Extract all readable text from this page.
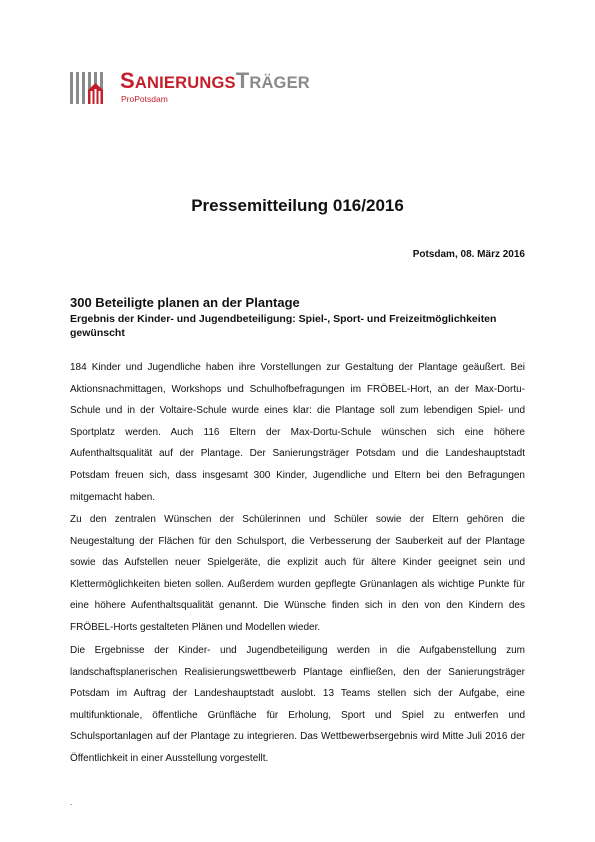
SANIERUNGSTRÄGER
ProPotsdam
Pressemitteilung 016/2016

Potsdam, 08. März 2016

300 Beteiligte planen an der Plantage
Ergebnis der Kinder- und Jugendbeteiligung: Spiel-, Sport- und Freizeitmöglichkeiten gewünscht

184 Kinder und Jugendliche haben ihre Vorstellungen zur Gestaltung der Plantage geäußert. Bei Aktionsnachmittagen, Workshops und Schulhofbefragungen im FRÖBEL-Hort, an der Max-Dortu-Schule und in der Voltaire-Schule wurde eines klar: die Plantage soll zum lebendigen Spiel- und Sportplatz werden. Auch 116 Eltern der Max-Dortu-Schule wünschen sich eine höhere Aufenthaltsqualität auf der Plantage. Der Sanierungsträger Potsdam und die Landeshauptstadt Potsdam freuen sich, dass insgesamt 300 Kinder, Jugendliche und Eltern bei den Befragungen mitgemacht haben.

Zu den zentralen Wünschen der Schülerinnen und Schüler sowie der Eltern gehören die Neugestaltung der Flächen für den Schulsport, die Verbesserung der Sauberkeit auf der Plantage sowie das Aufstellen neuer Spielgeräte, die explizit auch für ältere Kinder geeignet sein und Klettermöglichkeiten bieten sollen. Außerdem wurden gepflegte Grünanlagen als wichtige Punkte für eine höhere Aufenthaltsqualität genannt. Die Wünsche finden sich in den von den Kindern des FRÖBEL-Horts gestalteten Plänen und Modellen wieder.

Die Ergebnisse der Kinder- und Jugendbeteiligung werden in die Aufgabenstellung zum landschaftsplanerischen Realisierungswettbewerb Plantage einfließen, den der Sanierungsträger Potsdam im Auftrag der Landeshauptstadt auslobt. 13 Teams stellen sich der Aufgabe, eine multifunktionale, öffentliche Grünfläche für Erholung, Sport und Spiel zu entwerfen und Schulsportanlagen auf der Plantage zu integrieren. Das Wettbewerbsergebnis wird Mitte Juli 2016 der Öffentlichkeit in einer Ausstellung vorgestellt.

.
